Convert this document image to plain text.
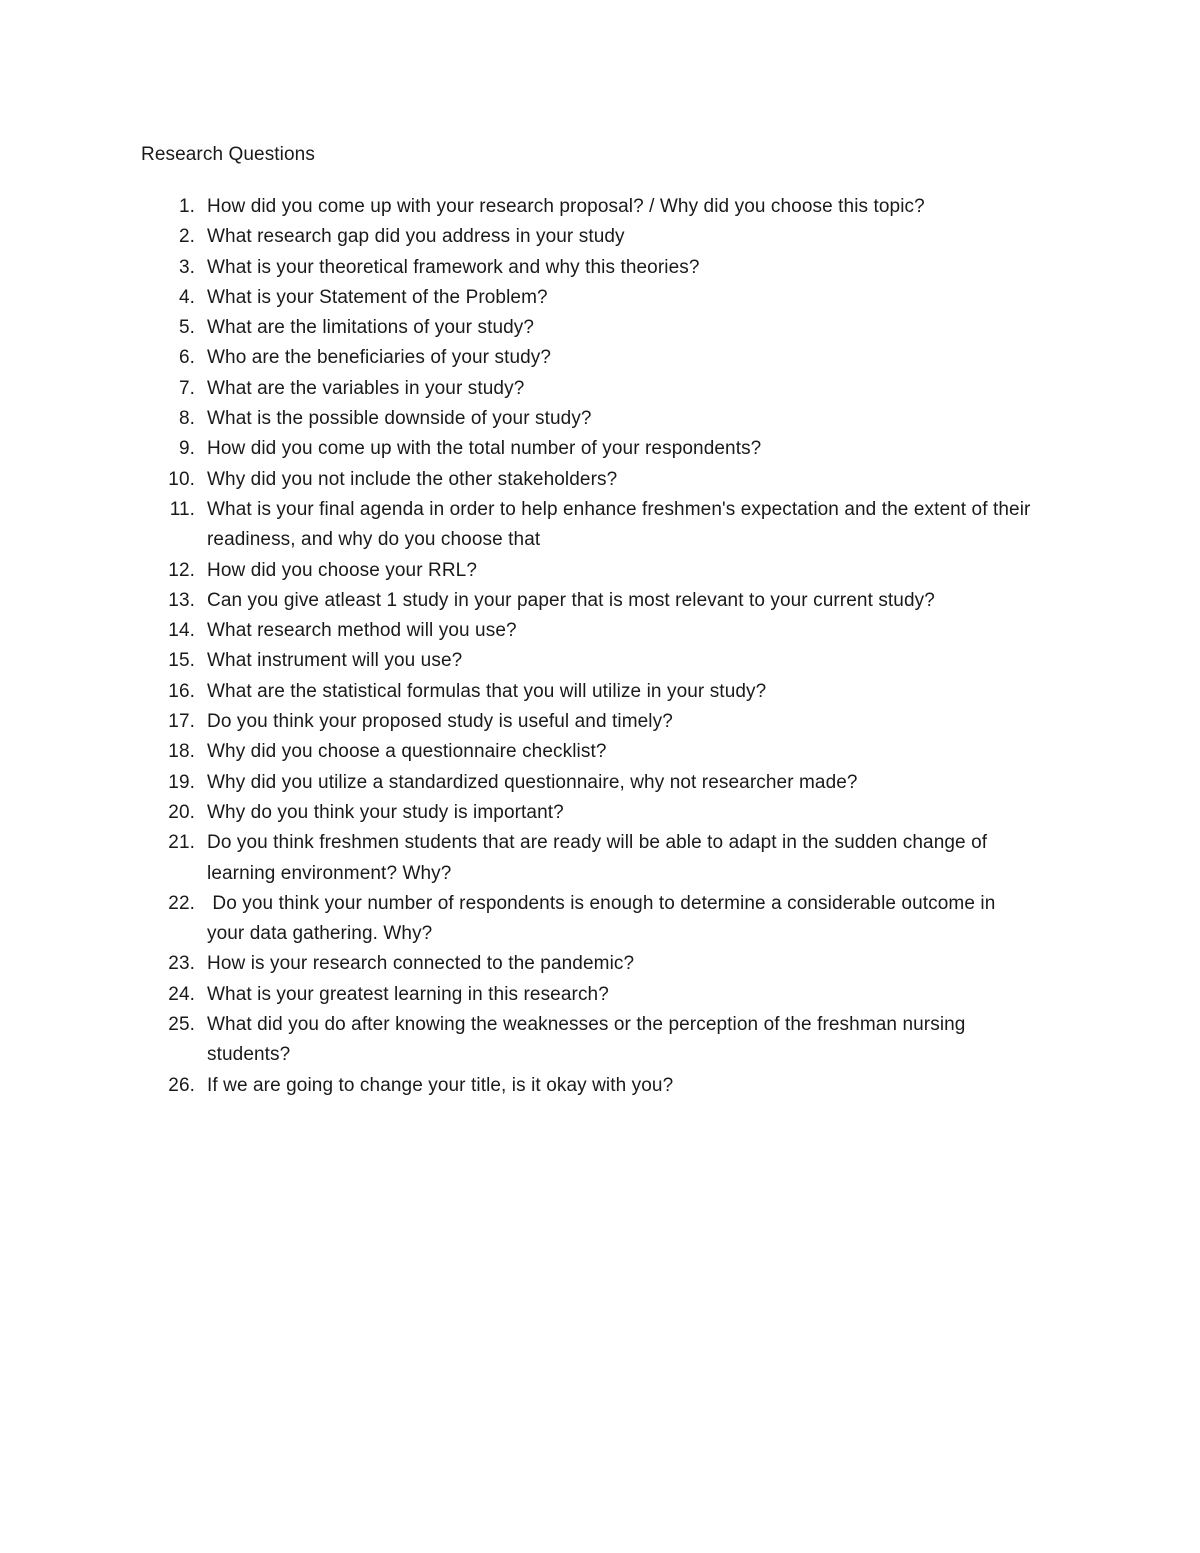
Research Questions
1. How did you come up with your research proposal? / Why did you choose this topic?
2. What research gap did you address in your study
3. What is your theoretical framework and why this theories?
4. What is your Statement of the Problem?
5. What are the limitations of your study?
6. Who are the beneficiaries of your study?
7. What are the variables in your study?
8. What is the possible downside of your study?
9. How did you come up with the total number of your respondents?
10. Why did you not include the other stakeholders?
11. What is your final agenda in order to help enhance freshmen's expectation and the extent of their readiness, and why do you choose that
12. How did you choose your RRL?
13. Can you give atleast 1 study in your paper that is most relevant to your current study?
14. What research method will you use?
15. What instrument will you use?
16. What are the statistical formulas that you will utilize in your study?
17. Do you think your proposed study is useful and timely?
18. Why did you choose a questionnaire checklist?
19. Why did you utilize a standardized questionnaire, why not researcher made?
20. Why do you think your study is important?
21. Do you think freshmen students that are ready will be able to adapt in the sudden change of learning environment? Why?
22. Do you think your number of respondents is enough to determine a considerable outcome in your data gathering. Why?
23. How is your research connected to the pandemic?
24. What is your greatest learning in this research?
25. What did you do after knowing the weaknesses or the perception of the freshman nursing students?
26. If we are going to change your title, is it okay with you?
